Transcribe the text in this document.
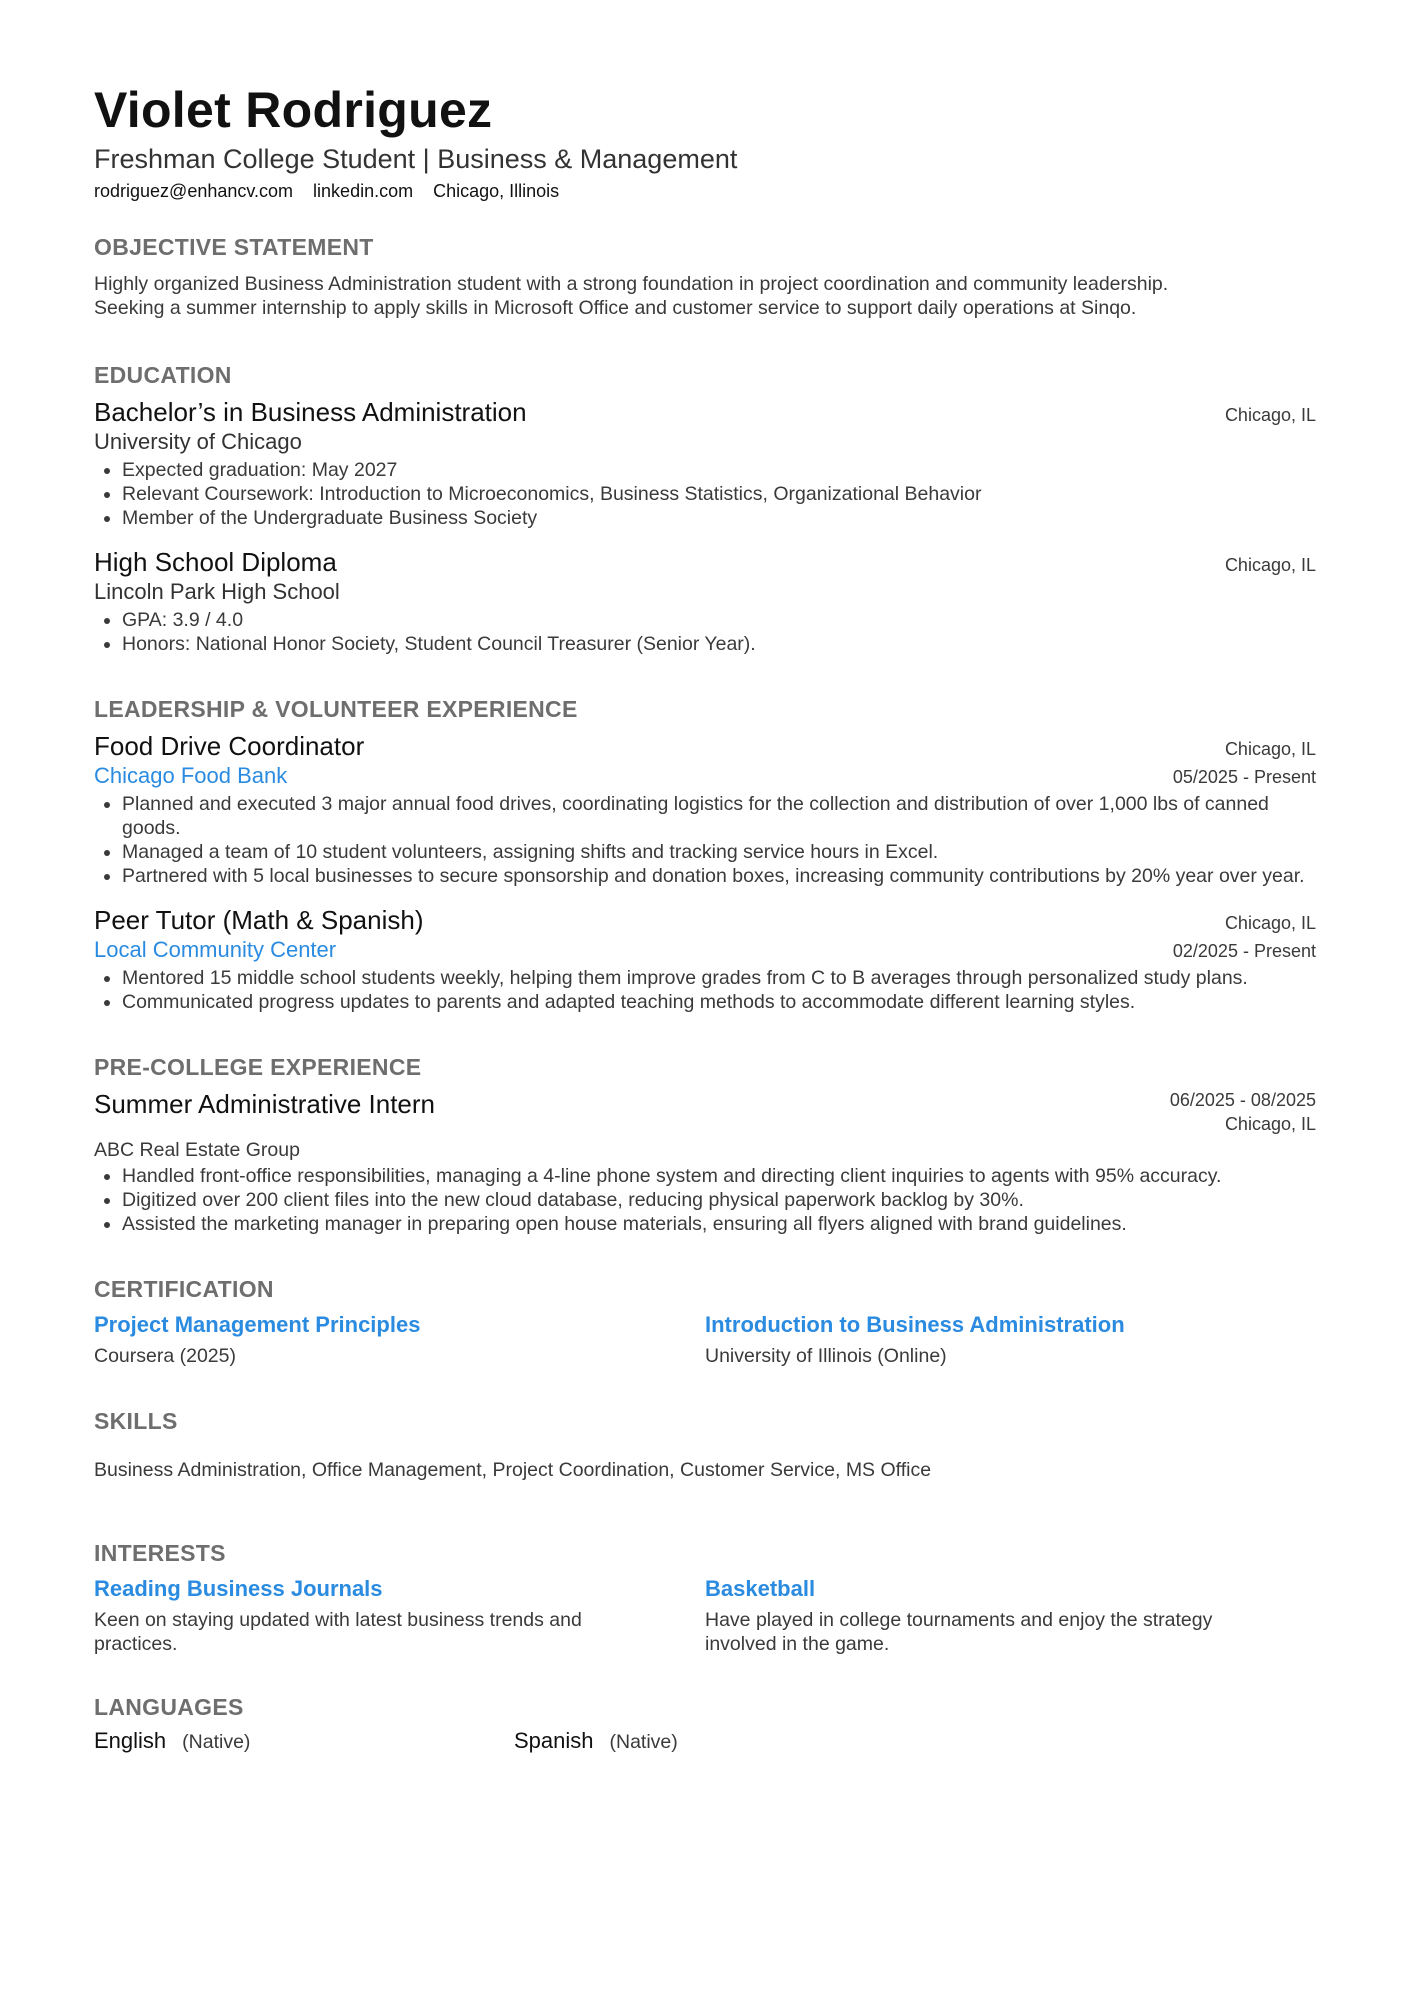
Violet Rodriguez
Freshman College Student | Business & Management
rodriguez@enhancv.com linkedin.com Chicago, Illinois
OBJECTIVE STATEMENT
Highly organized Business Administration student with a strong foundation in project coordination and community leadership.
Seeking a summer internship to apply skills in Microsoft Office and customer service to support daily operations at Sinqo.
EDUCATION
Bachelor’s in Business Administration	Chicago, IL
University of Chicago
• Expected graduation: May 2027
• Relevant Coursework: Introduction to Microeconomics, Business Statistics, Organizational Behavior
• Member of the Undergraduate Business Society
High School Diploma	Chicago, IL
Lincoln Park High School
• GPA: 3.9 / 4.0
• Honors: National Honor Society, Student Council Treasurer (Senior Year).
LEADERSHIP & VOLUNTEER EXPERIENCE
Food Drive Coordinator	Chicago, IL
Chicago Food Bank	05/2025 - Present
• Planned and executed 3 major annual food drives, coordinating logistics for the collection and distribution of over 1,000 lbs of canned goods.
• Managed a team of 10 student volunteers, assigning shifts and tracking service hours in Excel.
• Partnered with 5 local businesses to secure sponsorship and donation boxes, increasing community contributions by 20% year over year.
Peer Tutor (Math & Spanish)	Chicago, IL
Local Community Center	02/2025 - Present
• Mentored 15 middle school students weekly, helping them improve grades from C to B averages through personalized study plans.
• Communicated progress updates to parents and adapted teaching methods to accommodate different learning styles.
PRE-COLLEGE EXPERIENCE
Summer Administrative Intern	06/2025 - 08/2025
Chicago, IL
ABC Real Estate Group
• Handled front-office responsibilities, managing a 4-line phone system and directing client inquiries to agents with 95% accuracy.
• Digitized over 200 client files into the new cloud database, reducing physical paperwork backlog by 30%.
• Assisted the marketing manager in preparing open house materials, ensuring all flyers aligned with brand guidelines.
CERTIFICATION
Project Management Principles
Coursera (2025)
Introduction to Business Administration
University of Illinois (Online)
SKILLS
Business Administration, Office Management, Project Coordination, Customer Service, MS Office
INTERESTS
Reading Business Journals
Keen on staying updated with latest business trends and
practices.
Basketball
Have played in college tournaments and enjoy the strategy
involved in the game.
LANGUAGES
English (Native)	Spanish (Native)
